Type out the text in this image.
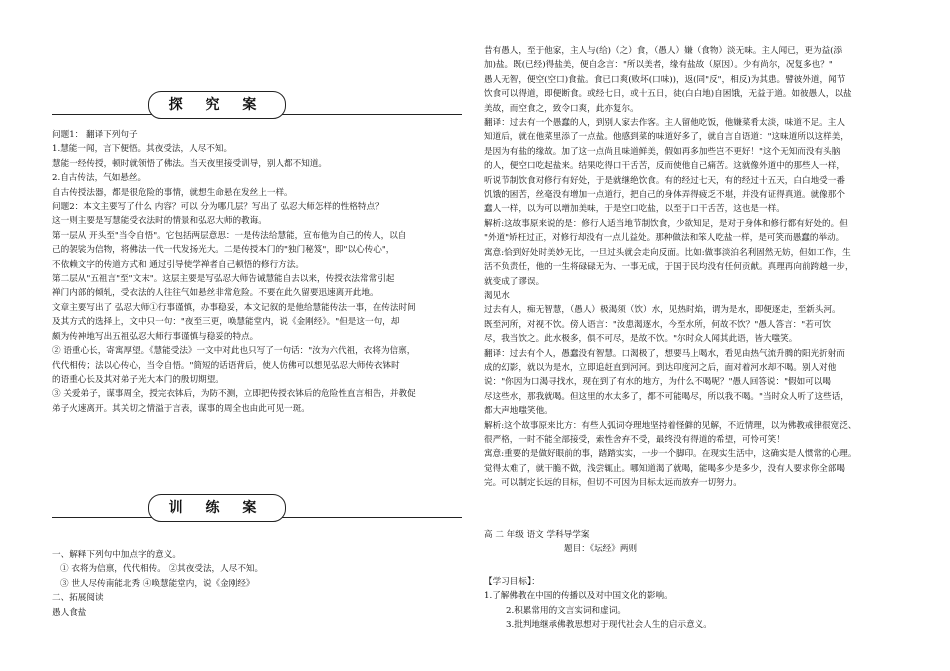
探 究 案
问题1： 翻译下列句子
1.慧能一闻，言下便悟。其夜受法，人尽不知。
慧能一经传授，顿时就领悟了佛法。当天夜里接受训导，别人都不知道。
2.自古传法，气如悬丝。
自古传授法器，都是很危险的事情，就想生命悬在发丝上一样。
问题2：本文主要写了什么 内容？可以 分为哪几层？写出了 弘忍大师怎样的性格特点？
这一则主要是写慧能受衣法时的情景和弘忍大师的教诲。
第一层从 开头至"当令自悟"。它包括两层意思：一是传法给慧能，宣布他为自己的传人，以自
己的袈裟为信物，将佛法一代一代发扬光大。二是传授本门的"独门秘笈"，即"以心传心"，
不依赖文字的传道方式和 通过引导使学禅者自己顿悟的修行方法。
第二层从"五祖言"至"文末"。这层主要是写弘忍大师告诫慧能自去以来，传授衣法常常引起
禅门内部的倾轧，受衣法的人往往气如悬丝非常危险。不要在此久留要迅速离开此地。
文章主要写出了 弘忍大师①行事谨慎，办事稳妥，本文记叙的是他给慧能传法一事，在传法时间
及其方式的选择上，文中只一句："夜至三更，唤慧能堂内，说《金刚经》。"但是这一句，却
颇为传神地写出五祖弘忍大师行事谨慎与稳妥的特点。
② 语重心长，寄寓厚望。《慧能受法》一文中对此也只写了一句话："汝为六代祖，衣将为信禀，
代代相传；法以心传心，当令自悟。"简短的话语背后，使人仿佛可以想见弘忍大师传衣钵时
的语重心长及其对弟子光大本门的殷切期望。
③ 关爱弟子，谋事周全，授完衣钵后，为防不测，立即把传授衣钵后的危险性直言相告，并教促
弟子火速离开。其关切之情溢于言表，谋事的周全也由此可见一斑。
一、解释下列句中加点字的意义。
① 衣将为信禀，代代相传。 ②其夜受法，人尽不知。
③ 世人尽传南能北秀 ④唤慧能堂内，说《金刚经》
二、拓展阅读
愚人食盐
训 练 案
昔有愚人，至于他家，主人与(给)（之）食，（愚人）嫌（食物）淡无味。主人闻已，更为益(添
加)盐。既(已经)得盐美，便自念言："所以美者，缘有盐故（原因）。少有尚尔，况复多也？"
愚人无智，便空(空口)食盐。食已口爽(败坏(口味))，返(同"反"，相反)为其患。譬彼外道，闻节
饮食可以得道，即便断食。或经七日，或十五日，徒(白白地)自困饿，无益于道。如彼愚人，以盐
美故，而空食之，致令口爽，此亦复尔。
翻译：过去有一个愚蠢的人，到别人家去作客。主人留他吃饭，他嫌菜肴太淡，味道不足。主人
知道后，就在他菜里添了一点盐。他感到菜的味道好多了，就自言自语道："这味道所以这样美，
是因为有盐的缘故。加了这一点尚且味道鲜美，假如再多加些岂不更好！"这个无知而没有头脑
的人，便空口吃起盐来。结果吃得口干舌苦，反而使他自己痛苦。这就像外道中的那些人一样，
听说节制饮食对修行有好处，于是就继绝饮食。有的经过七天，有的经过十五天，白白地受一番
饥饿的困苦，丝毫没有增加一点道行，把自己的身体弄得疲乏不堪，并没有证得真道。就像那个
蠢人一样，以为可以增加美味，于是空口吃盐，以至于口干舌苦，这也是一样。
解析:这故事原来说的是：修行人适当地节制饮食，少欲知足，是对于身体和修行都有好处的。但
"外道"矫枉过正，对修行却没有一点儿益处。那种做法和笨人吃盐一样，是可笑而愚蠢的举动。
寓意:恰到好处时美妙无比，一旦过头就会走向反面。比如:做事淡泊名利固然无妨，但如工作，生
活不负责任，他的一生将碌碌无为、一事无成，于国于民均没有任何贡献。真理再向前跨越一步，
就变成了谬误。
渴见水
过去有人，痴无智慧，（愚人）极渴须（饮）水，见热时焰，谓为是水，即便逐走，至新头河。
既至河所，对视不饮。傍人语言："汝患渴逐水，今至水所，何故不饮？"愚人答言："若可饮
尽，我当饮之。此水极多，俱不可尽，是故不饮。"尔时众人闻其此语，皆大嗤笑。
翻译：过去有个人，愚蠢没有智慧。口渴极了，想要马上喝水，看见由热气流升腾的阳光折射而
成的幻影，就以为是水，立即追赶直到河河。到达印度河之后，面对着河水却不喝。别人对他
说："你因为口渴寻找水，现在到了有水的地方，为什么不喝呢？"愚人回答说："假如可以喝
尽这些水，那我就喝。但这里的水太多了，都不可能喝尽，所以我不喝。"当时众人听了这些话，
都大声地嗤笑他。
解析:这个故事原来比方：有些人弧词夺理地坚持着怪僻的见解，不近情理，以为佛教戒律很宽泛、
很严格，一时不能全部接受，索性舍弃不受，最终没有得道的希望，可怜可笑！
寓意:重要的是做好眼前的事，踏踏实实，一步一个脚印。在现实生活中，这确实是人惯常的心理。
觉得太难了，就干脆不做，浅尝辄止。哪知道渴了就喝，能喝多少是多少，没有人要求你全部喝
完。可以制定长远的目标，但切不可因为目标太远而放弃一切努力。
高 二 年级 语文 学科导学案
题目：《坛经》两则
【学习目标】：
1.了解佛教在中国的传播以及对中国文化的影响。
2.积累常用的文言实词和虚词。
3.批判地继承佛教思想对于现代社会人生的启示意义。
